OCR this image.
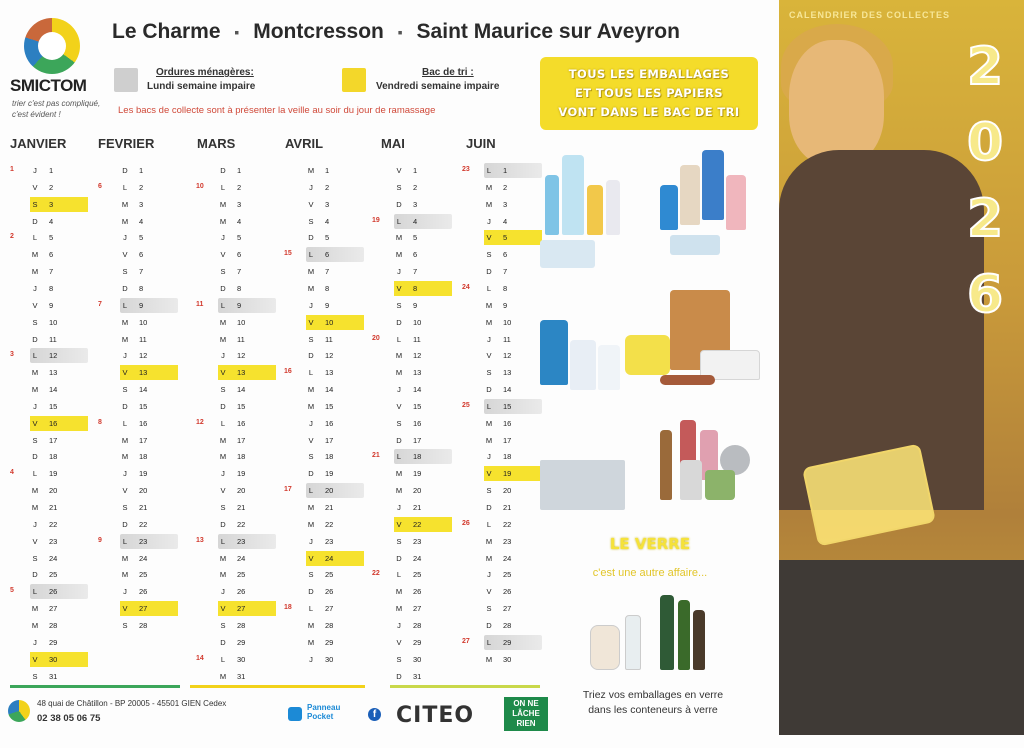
SMICTOM
trier c'est pas compliqué, c'est évident !
Le Charme ▪ Montcresson ▪ Saint Maurice sur Aveyron
Ordures ménagères:
Lundi semaine impaire
Bac de tri :
Vendredi semaine impaire
Les bacs de collecte sont à présenter la veille au soir du jour de ramassage
TOUS LES EMBALLAGES
ET TOUS LES PAPIERS
VONT DANS LE BAC DE TRI
JANVIER
J	1
1
V	2
S	3
D	4
L	5
2
M 6
M 7
J	8
V	9
S	10
D	11
L	12
3
M 13
M 14
J	15
V	16
S	17
D	18
L	19
4
M 20
M 21
J	22
V	23
S	24
D	25
L	26
5
M 27
M 28
J	29
V	30
S	31
FEVRIER
D	1
L	2
6
M 3
M 4
J	5
V	6
S	7
D	8
L	9
7
M 10
M 11
J	12
V	13
S	14
D	15
L	16
8
M 17
M 18
J	19
V	20
S	21
D	22
L	23
9
M 24
M 25
J	26
V	27
S	28
MARS
D	1
L	2
10
M 3
M 4
J	5
V	6
S	7
D	8
L	9
11
M 10
M 11
J	12
V	13
S	14
D	15
L	16
12
M 17
M 18
J	19
V	20
S	21
D	22
L	23
13
M 24
M 25
J	26
V	27
S	28
D	29
L	30
14
M 31
AVRIL
M 1
J	2
V	3
S	4
D	5
L	6
15
M 7
M 8
J	9
V	10
S	11
D	12
L	13
16
M 14
M 15
J	16
V	17
S	18
D	19
L	20
17
M 21
M 22
J	23
V	24
S	25
D	26
L	27
18
M 28
M 29
J	30
MAI
V	1
S	2
D	3
L	4
19
M 5
M 6
J	7
V	8
S	9
D	10
L	11
20
M 12
M 13
J	14
V	15
S	16
D	17
L	18
21
M 19
M 20
J	21
V	22
S	23
D	24
L	25
22
M 26
M 27
J	28
V	29
S	30
D	31
JUIN
L	1
23
M 2
M 3
J	4
V	5
S	6
D	7
L	8
24
M 9
M 10
J	11
V	12
S	13
D	14
L	15
25
M 16
M 17
J	18
V	19
S	20
D	21
L	22
26
M 23
M 24
J	25
V	26
S	27
D	28
L	29
27
M 30
LE VERRE
c'est une autre affaire...
Triez vos emballages en verre
dans les conteneurs à verre
CALENDRIER DES COLLECTES
2
0
2
6
48 quai de Châtillon - BP 20005 - 45501 GIEN Cedex
02 38 05 06 75
Panneau
Pocket	f CITEO	ON NE
LÂCHE
RIEN
